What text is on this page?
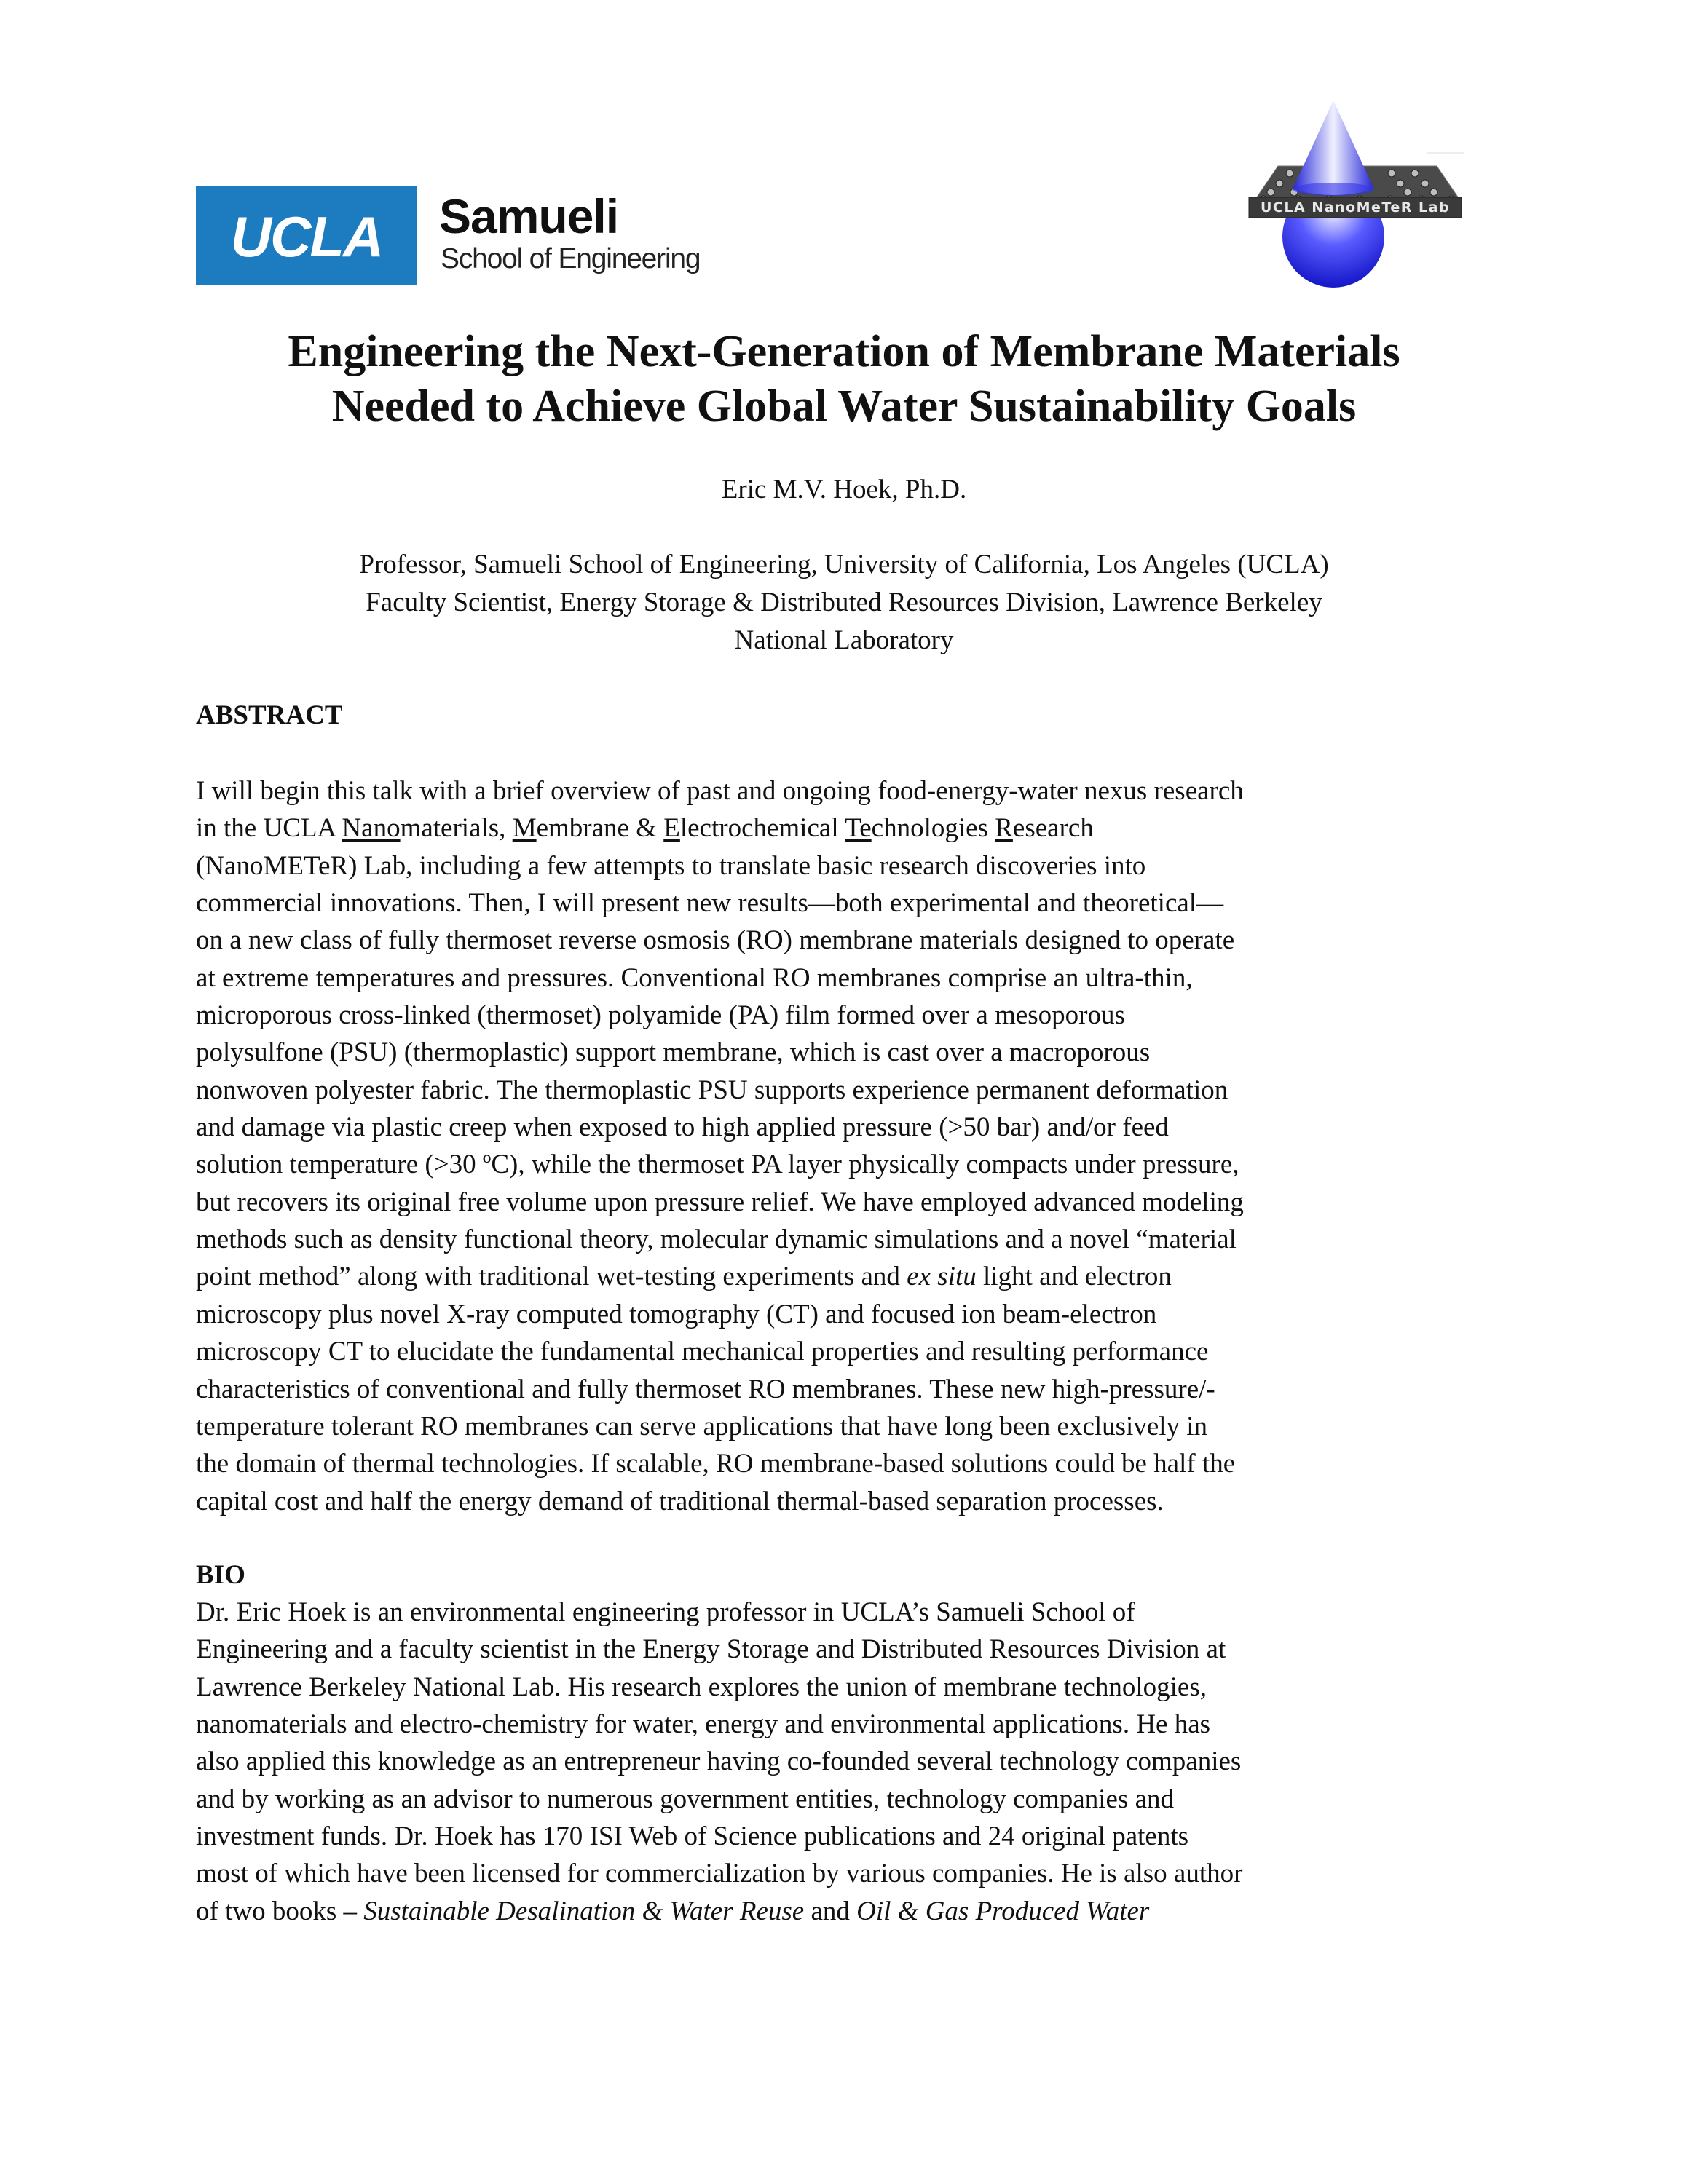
UCLA	Samueli
School of Engineering
UCLA NanoMeTeR Lab
Engineering the Next-Generation of Membrane Materials
Needed to Achieve Global Water Sustainability Goals
Eric M.V. Hoek, Ph.D.
Professor, Samueli School of Engineering, University of California, Los Angeles (UCLA)
Faculty Scientist, Energy Storage & Distributed Resources Division, Lawrence Berkeley
National Laboratory
ABSTRACT
I will begin this talk with a brief overview of past and ongoing food-energy-water nexus research
in the UCLA Nanomaterials, Membrane & Electrochemical Technologies Research
(NanoMETeR) Lab, including a few attempts to translate basic research discoveries into
commercial innovations. Then, I will present new results—both experimental and theoretical—
on a new class of fully thermoset reverse osmosis (RO) membrane materials designed to operate
at extreme temperatures and pressures. Conventional RO membranes comprise an ultra-thin,
microporous cross-linked (thermoset) polyamide (PA) film formed over a mesoporous
polysulfone (PSU) (thermoplastic) support membrane, which is cast over a macroporous
nonwoven polyester fabric. The thermoplastic PSU supports experience permanent deformation
and damage via plastic creep when exposed to high applied pressure (>50 bar) and/or feed
solution temperature (>30 ºC), while the thermoset PA layer physically compacts under pressure,
but recovers its original free volume upon pressure relief. We have employed advanced modeling
methods such as density functional theory, molecular dynamic simulations and a novel “material
point method” along with traditional wet-testing experiments and ex situ light and electron
microscopy plus novel X-ray computed tomography (CT) and focused ion beam-electron
microscopy CT to elucidate the fundamental mechanical properties and resulting performance
characteristics of conventional and fully thermoset RO membranes. These new high-pressure/-
temperature tolerant RO membranes can serve applications that have long been exclusively in
the domain of thermal technologies. If scalable, RO membrane-based solutions could be half the
capital cost and half the energy demand of traditional thermal-based separation processes.
BIO
Dr. Eric Hoek is an environmental engineering professor in UCLA’s Samueli School of
Engineering and a faculty scientist in the Energy Storage and Distributed Resources Division at
Lawrence Berkeley National Lab. His research explores the union of membrane technologies,
nanomaterials and electro-chemistry for water, energy and environmental applications. He has
also applied this knowledge as an entrepreneur having co-founded several technology companies
and by working as an advisor to numerous government entities, technology companies and
investment funds. Dr. Hoek has 170 ISI Web of Science publications and 24 original patents
most of which have been licensed for commercialization by various companies. He is also author
of two books – Sustainable Desalination & Water Reuse and Oil & Gas Produced Water
